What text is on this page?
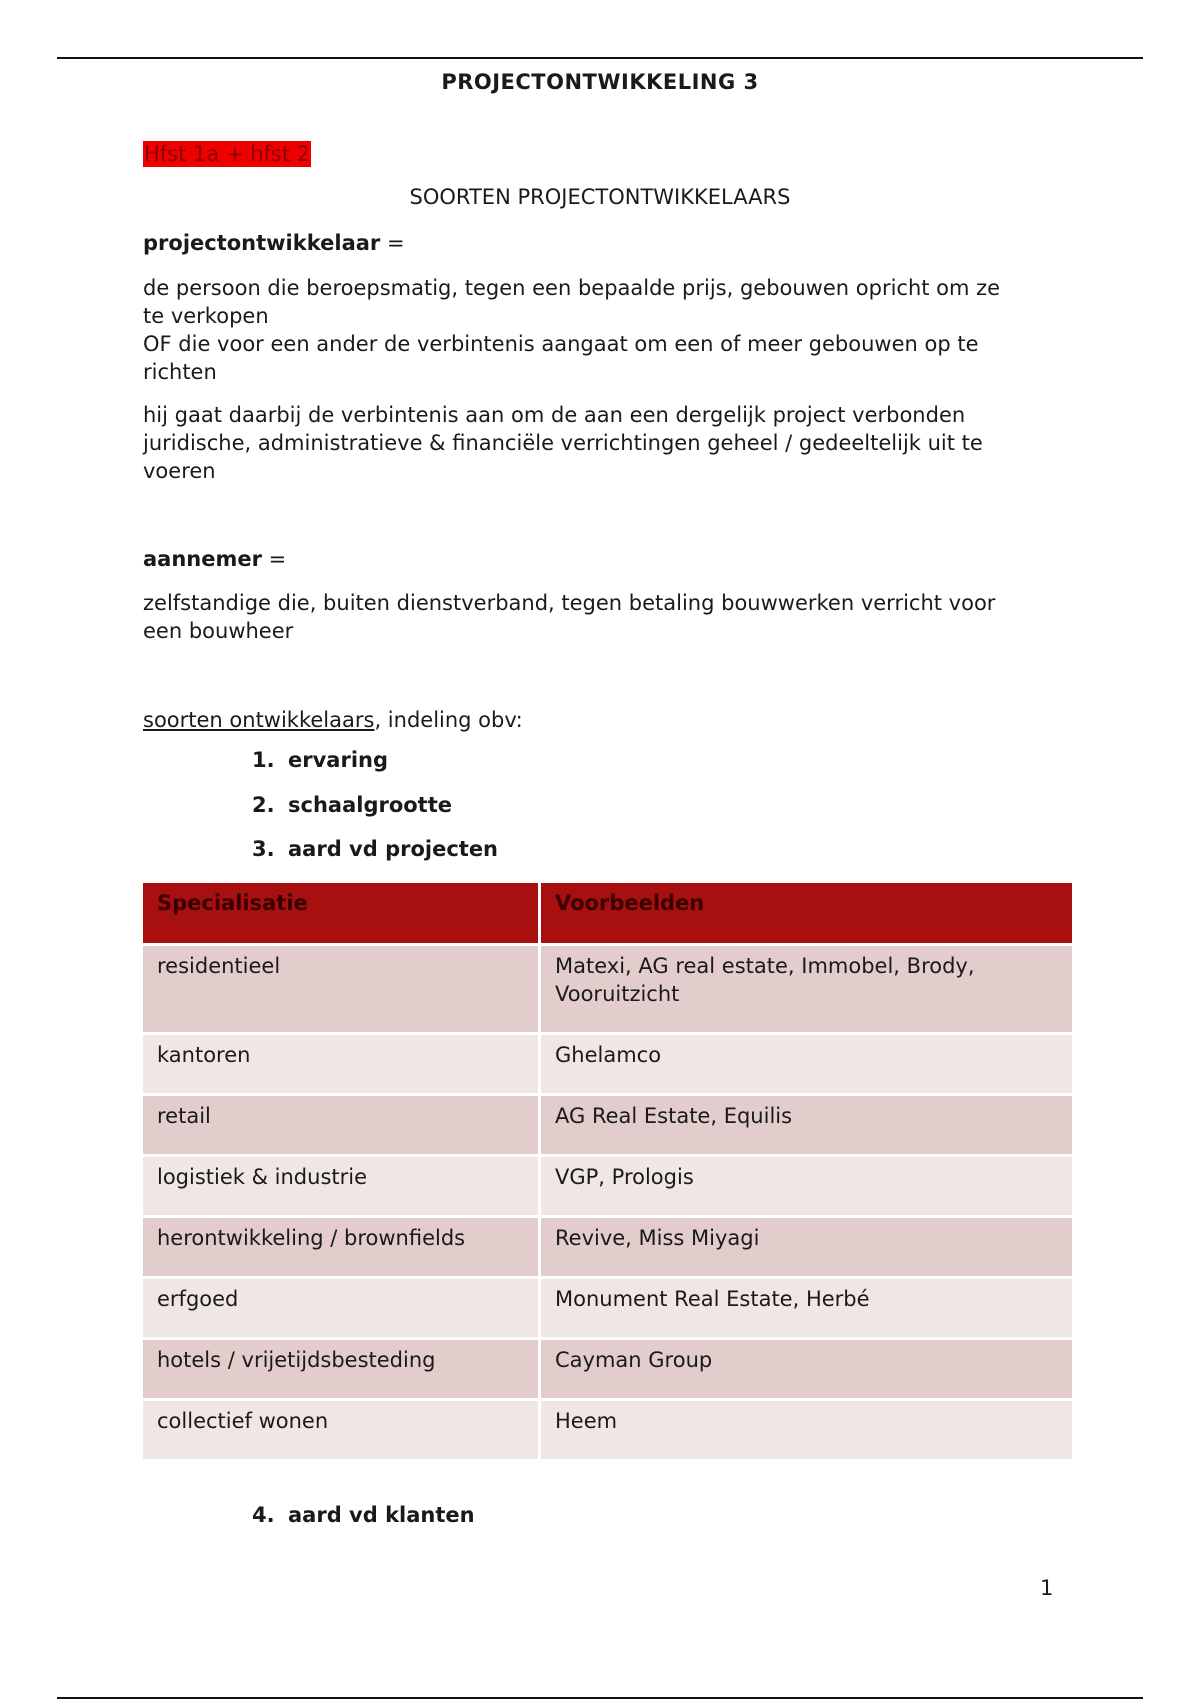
PROJECTONTWIKKELING 3
Hfst 1a + hfst 2
SOORTEN PROJECTONTWIKKELAARS
projectontwikkelaar =
de persoon die beroepsmatig, tegen een bepaalde prijs, gebouwen opricht om ze
te verkopen
OF die voor een ander de verbintenis aangaat om een of meer gebouwen op te
richten
hij gaat daarbij de verbintenis aan om de aan een dergelijk project verbonden
juridische, administratieve & financiële verrichtingen geheel / gedeeltelijk uit te
voeren
aannemer =
zelfstandige die, buiten dienstverband, tegen betaling bouwwerken verricht voor
een bouwheer
soorten ontwikkelaars, indeling obv:
1. ervaring
2. schaalgrootte
3. aard vd projecten
Specialisatie	Voorbeelden
residentieel	Matexi, AG real estate, Immobel, Brody,
Vooruitzicht

kantoren	Ghelamco
retail	AG Real Estate, Equilis
logistiek & industrie	VGP, Prologis
herontwikkeling / brownfields	Revive, Miss Miyagi
erfgoed	Monument Real Estate, Herbé
hotels / vrijetijdsbesteding	Cayman Group
collectief wonen	Heem
4. aard vd klanten
1
